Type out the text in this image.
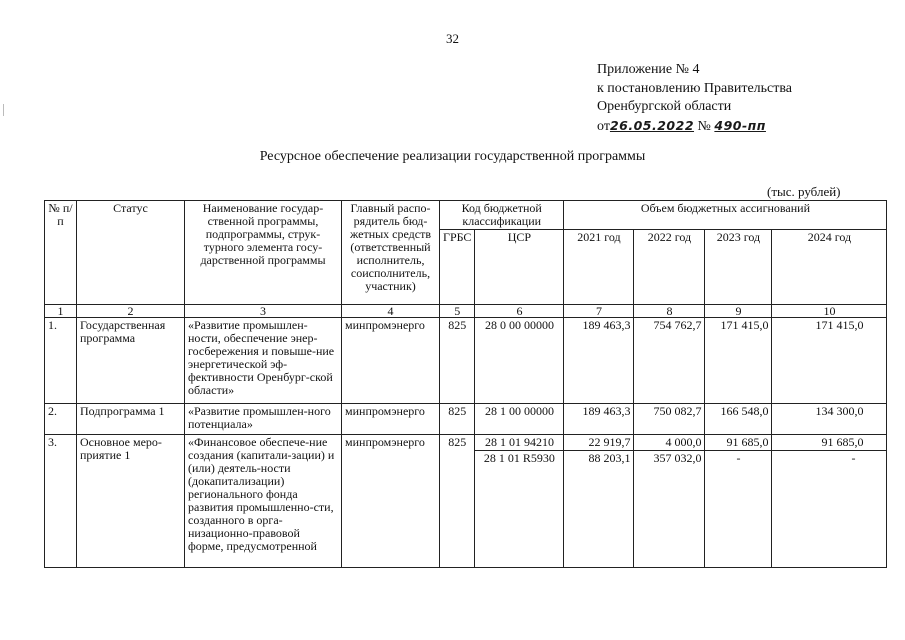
32
Приложение № 4
к постановлению Правительства
Оренбургской области
от26.05.2022 № 490-пп
Ресурсное обеспечение реализации государственной программы
(тыс. рублей)
№ п/п	Статус	Наименование государ-ственной программы, подпрограммы, струк-турного элемента госу-дарственной программы	Главный распо-рядитель бюд-жетных средств (ответственный исполнитель, соисполнитель, участник)	Код бюджетной классификации		Объем бюджетных ассигнований			
				ГРБС	ЦСР	2021 год	2022 год	2023 год	2024 год
1	2	3	4	5	6	7	8	9	10
1.	Государственная программа	«Развитие промышлен-ности, обеспечение энер-госбережения и повыше-ние энергетической эф-фективности Оренбург-ской области»	минпромэнерго	825	28 0 00 00000	189 463,3	754 762,7	171 415,0	171 415,0
2.	Подпрограмма 1	«Развитие промышлен-ного потенциала»	минпромэнерго	825	28 1 00 00000	189 463,3	750 082,7	166 548,0	134 300,0
3.	Основное меро-приятие 1	«Финансовое обеспече-ние создания (капитали-зации) и (или) деятель-ности (докапитализации) регионального фонда развития промышленно-сти, созданного в орга-низационно-правовой форме, предусмотренной	минпромэнерго	825	28 1 01 94210	22 919,7	4 000,0	91 685,0	91 685,0
					28 1 01 R5930	88 203,1	357 032,0	-	-
